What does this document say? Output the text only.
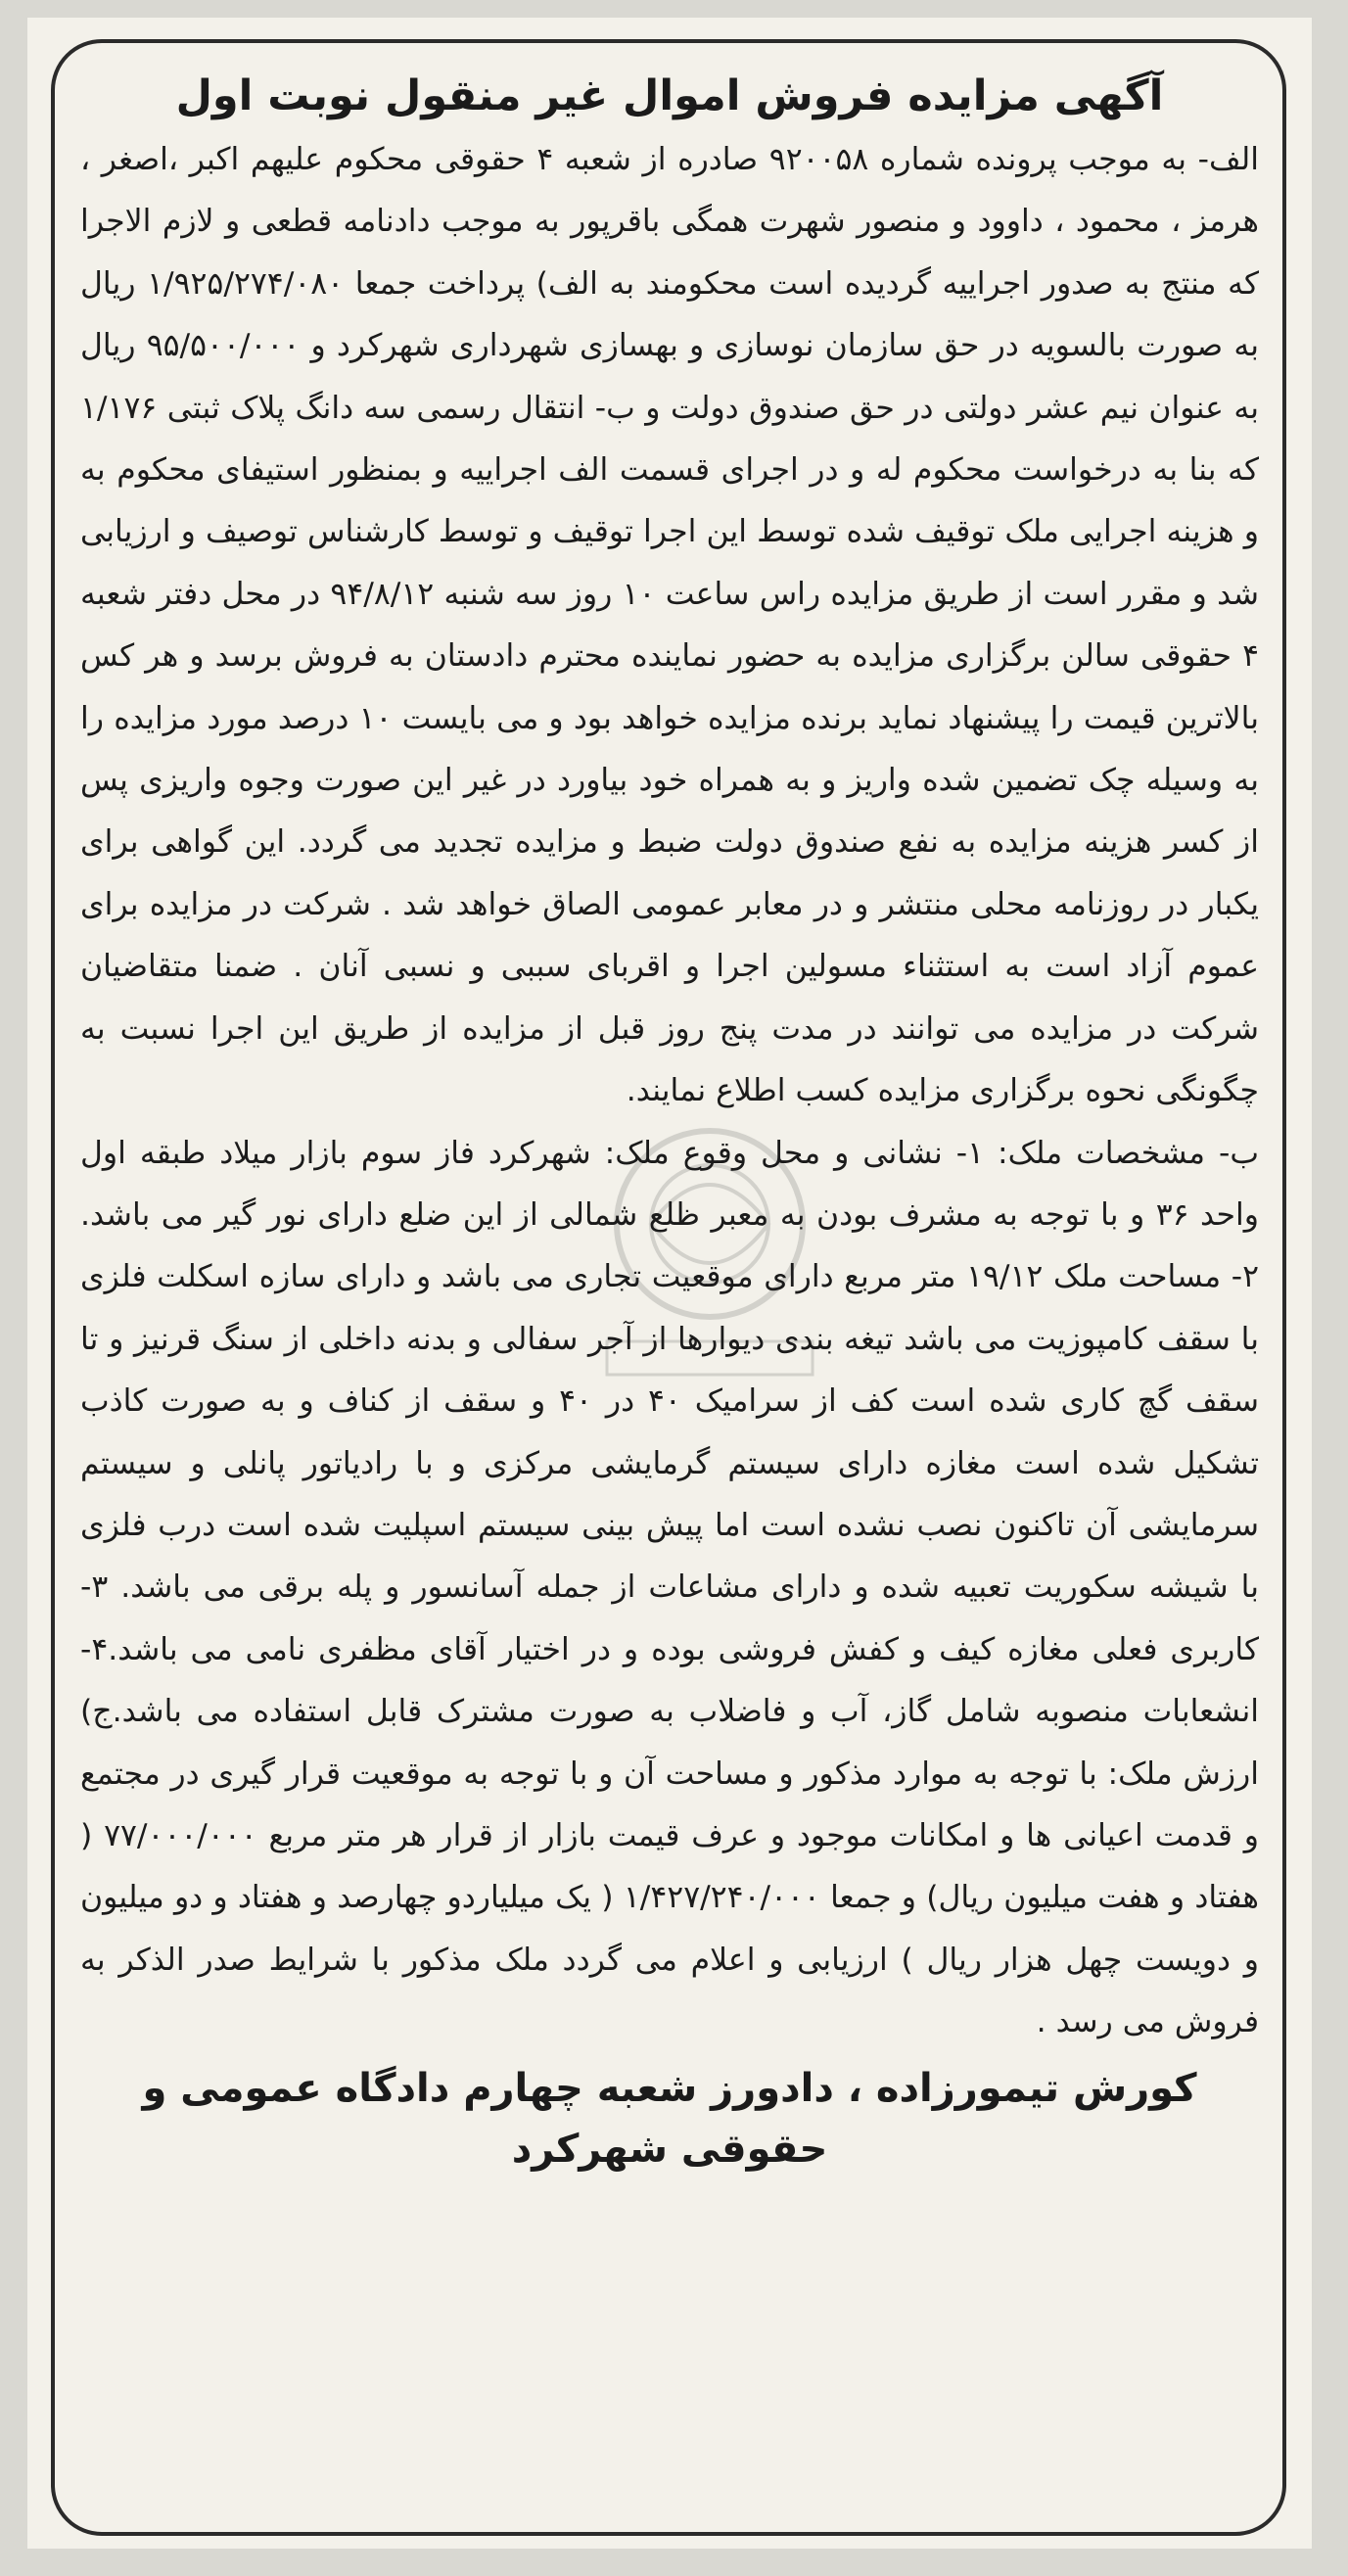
آگهی مزایده فروش اموال غیر منقول نوبت اول
الف- به موجب پرونده شماره ۹۲۰۰۵۸ صادره از شعبه ۴ حقوقی محکوم علیهم اکبر ،اصغر ، هرمز ، محمود ، داوود و منصور شهرت همگی باقرپور به موجب دادنامه قطعی و لازم الاجرا که منتج به صدور اجراییه گردیده است محکومند به الف) پرداخت جمعا ۱/۹۲۵/۲۷۴/۰۸۰ ریال به صورت بالسویه در حق سازمان نوسازی و بهسازی شهرداری شهرکرد و ۹۵/۵۰۰/۰۰۰ ریال به عنوان نیم عشر دولتی در حق صندوق دولت و ب- انتقال رسمی سه دانگ پلاک ثبتی ۱/۱۷۶ که بنا به درخواست محکوم له و در اجرای قسمت الف اجراییه و بمنظور استیفای محکوم به و هزینه اجرایی ملک توقیف شده توسط این اجرا توقیف و توسط کارشناس توصیف و ارزیابی شد و مقرر است از طریق مزایده راس ساعت ۱۰ روز سه شنبه ۹۴/۸/۱۲ در محل دفتر شعبه ۴ حقوقی سالن برگزاری مزایده به حضور نماینده محترم دادستان به فروش برسد و هر کس بالاترین قیمت را پیشنهاد نماید برنده مزایده خواهد بود و می بایست ۱۰ درصد مورد مزایده را به وسیله چک تضمین شده واریز و به همراه خود بیاورد در غیر این صورت وجوه واریزی پس از کسر هزینه مزایده به نفع صندوق دولت ضبط و مزایده تجدید می گردد. این گواهی برای یکبار در روزنامه محلی منتشر و در معابر عمومی الصاق خواهد شد . شرکت در مزایده برای عموم آزاد است به استثناء مسولین اجرا و اقربای سببی و نسبی آنان . ضمنا متقاضیان شرکت در مزایده می توانند در مدت پنج روز قبل از مزایده از طریق این اجرا نسبت به چگونگی نحوه برگزاری مزایده کسب اطلاع نمایند.
ب- مشخصات ملک: ۱- نشانی و محل وقوع ملک: شهرکرد فاز سوم بازار میلاد طبقه اول واحد ۳۶ و با توجه به مشرف بودن به معبر ظلع شمالی از این ضلع دارای نور گیر می باشد. ۲- مساحت ملک ۱۹/۱۲ متر مربع دارای موقعیت تجاری می باشد و دارای سازه اسکلت فلزی با سقف کامپوزیت می باشد تیغه بندی دیوارها از آجر سفالی و بدنه داخلی از سنگ قرنیز و تا سقف گچ کاری شده است کف از سرامیک ۴۰ در ۴۰ و سقف از کناف و به صورت کاذب تشکیل شده است مغازه دارای سیستم گرمایشی مرکزی و با رادیاتور پانلی و سیستم سرمایشی آن تاکنون نصب نشده است اما پیش بینی سیستم اسپلیت شده است درب فلزی با شیشه سکوریت تعبیه شده و دارای مشاعات از جمله آسانسور و پله برقی می باشد. ۳- کاربری فعلی مغازه کیف و کفش فروشی بوده و در اختیار آقای مظفری نامی می باشد.۴- انشعابات منصوبه شامل گاز، آب و فاضلاب به صورت مشترک قابل استفاده می باشد.ج) ارزش ملک: با توجه به موارد مذکور و مساحت آن و با توجه به موقعیت قرار گیری در مجتمع و قدمت اعیانی ها و امکانات موجود و عرف قیمت بازار از قرار هر متر مربع ۷۷/۰۰۰/۰۰۰ ( هفتاد و هفت میلیون ریال) و جمعا ۱/۴۲۷/۲۴۰/۰۰۰ ( یک میلیاردو چهارصد و هفتاد و دو میلیون و دویست چهل هزار ریال ) ارزیابی و اعلام می گردد ملک مذکور با شرایط صدر الذکر به فروش می رسد .
کورش تیمورزاده ، دادورز شعبه چهارم دادگاه عمومی و حقوقی شهرکرد
